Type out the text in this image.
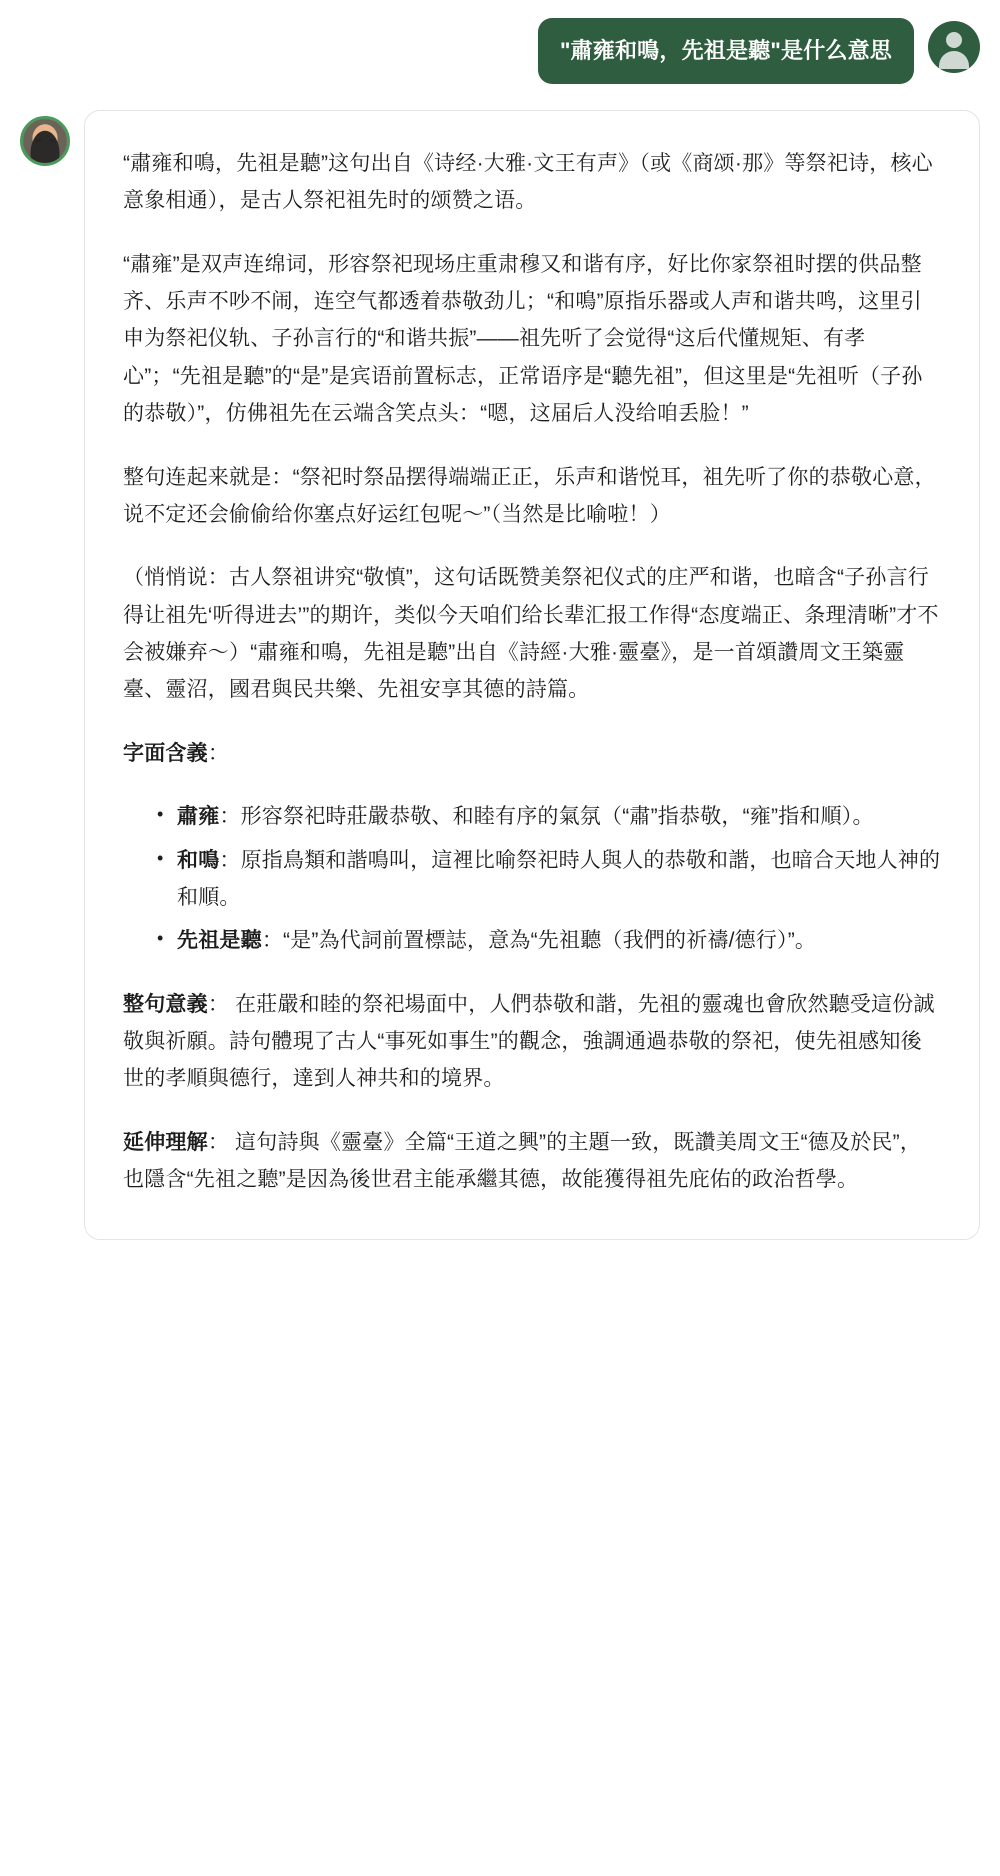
"肅雍和鳴，先祖是聽"是什么意思

“肅雍和鳴，先祖是聽”这句出自《诗经·大雅·文王有声》（或《商颂·那》等祭祀诗，核心意象相通），是古人祭祀祖先时的颂赞之语。

“肅雍”是双声连绵词，形容祭祀现场庄重肃穆又和谐有序，好比你家祭祖时摆的供品整齐、乐声不吵不闹，连空气都透着恭敬劲儿；“和鳴”原指乐器或人声和谐共鸣，这里引申为祭祀仪轨、子孙言行的“和谐共振”——祖先听了会觉得“这后代懂规矩、有孝心”；“先祖是聽”的“是”是宾语前置标志，正常语序是“聽先祖”，但这里是“先祖听（子孙的恭敬）”，仿佛祖先在云端含笑点头：“嗯，这届后人没给咱丢脸！”

整句连起来就是：“祭祀时祭品摆得端端正正，乐声和谐悦耳，祖先听了你的恭敬心意，说不定还会偷偷给你塞点好运红包呢～”（当然是比喻啦！）

（悄悄说：古人祭祖讲究“敬慎”，这句话既赞美祭祀仪式的庄严和谐，也暗含“子孙言行得让祖先‘听得进去’”的期许，类似今天咱们给长辈汇报工作得“态度端正、条理清晰”才不会被嫌弃～）“肅雍和鳴，先祖是聽”出自《詩經·大雅·靈臺》，是一首頌讚周文王築靈臺、靈沼，國君與民共樂、先祖安享其德的詩篇。

字面含義：

• 肅雍：形容祭祀時莊嚴恭敬、和睦有序的氣氛（“肅”指恭敬，“雍”指和順）。
• 和鳴：原指鳥類和諧鳴叫，這裡比喻祭祀時人與人的恭敬和諧，也暗合天地人神的和順。
• 先祖是聽：“是”為代詞前置標誌，意為“先祖聽（我們的祈禱/德行）”。

整句意義： 在莊嚴和睦的祭祀場面中，人們恭敬和諧，先祖的靈魂也會欣然聽受這份誠敬與祈願。詩句體現了古人“事死如事生”的觀念，強調通過恭敬的祭祀，使先祖感知後世的孝順與德行，達到人神共和的境界。

延伸理解： 這句詩與《靈臺》全篇“王道之興”的主題一致，既讚美周文王“德及於民”，也隱含“先祖之聽”是因為後世君主能承繼其德，故能獲得祖先庇佑的政治哲學。
